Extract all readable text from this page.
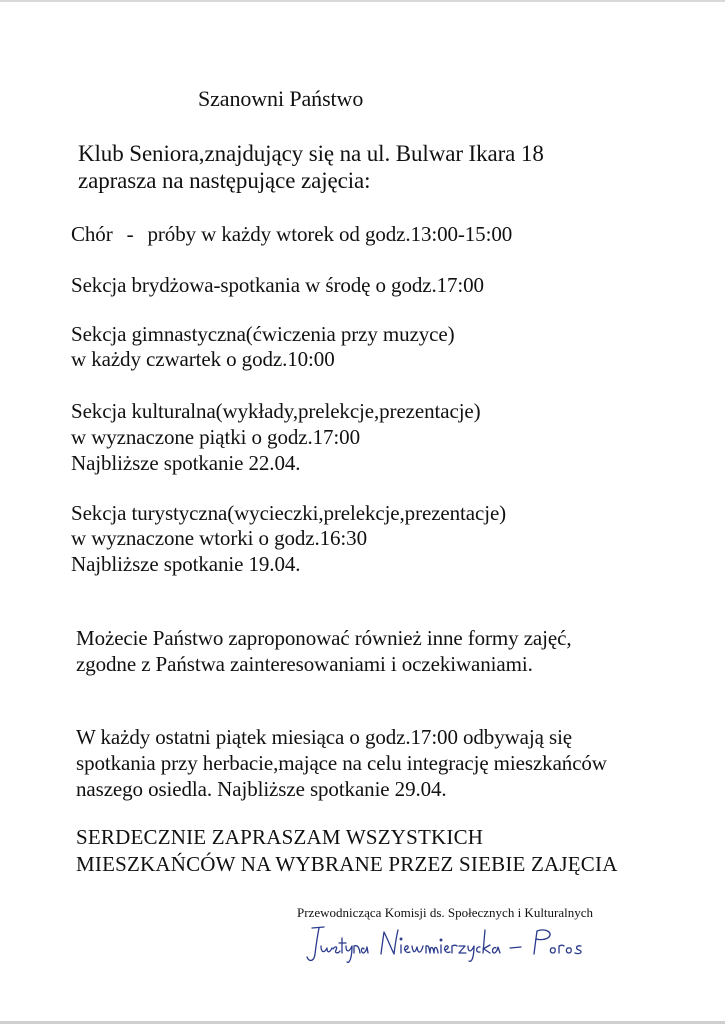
Szanowni Państwo
Klub Seniora,znajdujący się na ul. Bulwar Ikara 18
zaprasza na następujące zajęcia:
Chór - próby w każdy wtorek od godz.13:00-15:00
Sekcja brydżowa-spotkania w środę o godz.17:00
Sekcja gimnastyczna(ćwiczenia przy muzyce)
w każdy czwartek o godz.10:00
Sekcja kulturalna(wykłady,prelekcje,prezentacje)
w wyznaczone piątki o godz.17:00
Najbliższe spotkanie 22.04.
Sekcja turystyczna(wycieczki,prelekcje,prezentacje)
w wyznaczone wtorki o godz.16:30
Najbliższe spotkanie 19.04.
Możecie Państwo zaproponować również inne formy zajęć,
zgodne z Państwa zainteresowaniami i oczekiwaniami.
W każdy ostatni piątek miesiąca o godz.17:00 odbywają się
spotkania przy herbacie,mające na celu integrację mieszkańców
naszego osiedla. Najbliższe spotkanie 29.04.
SERDECZNIE ZAPRASZAM WSZYSTKICH
MIESZKAŃCÓW NA WYBRANE PRZEZ SIEBIE ZAJĘCIA
Przewodnicząca Komisji ds. Społecznych i Kulturalnych
